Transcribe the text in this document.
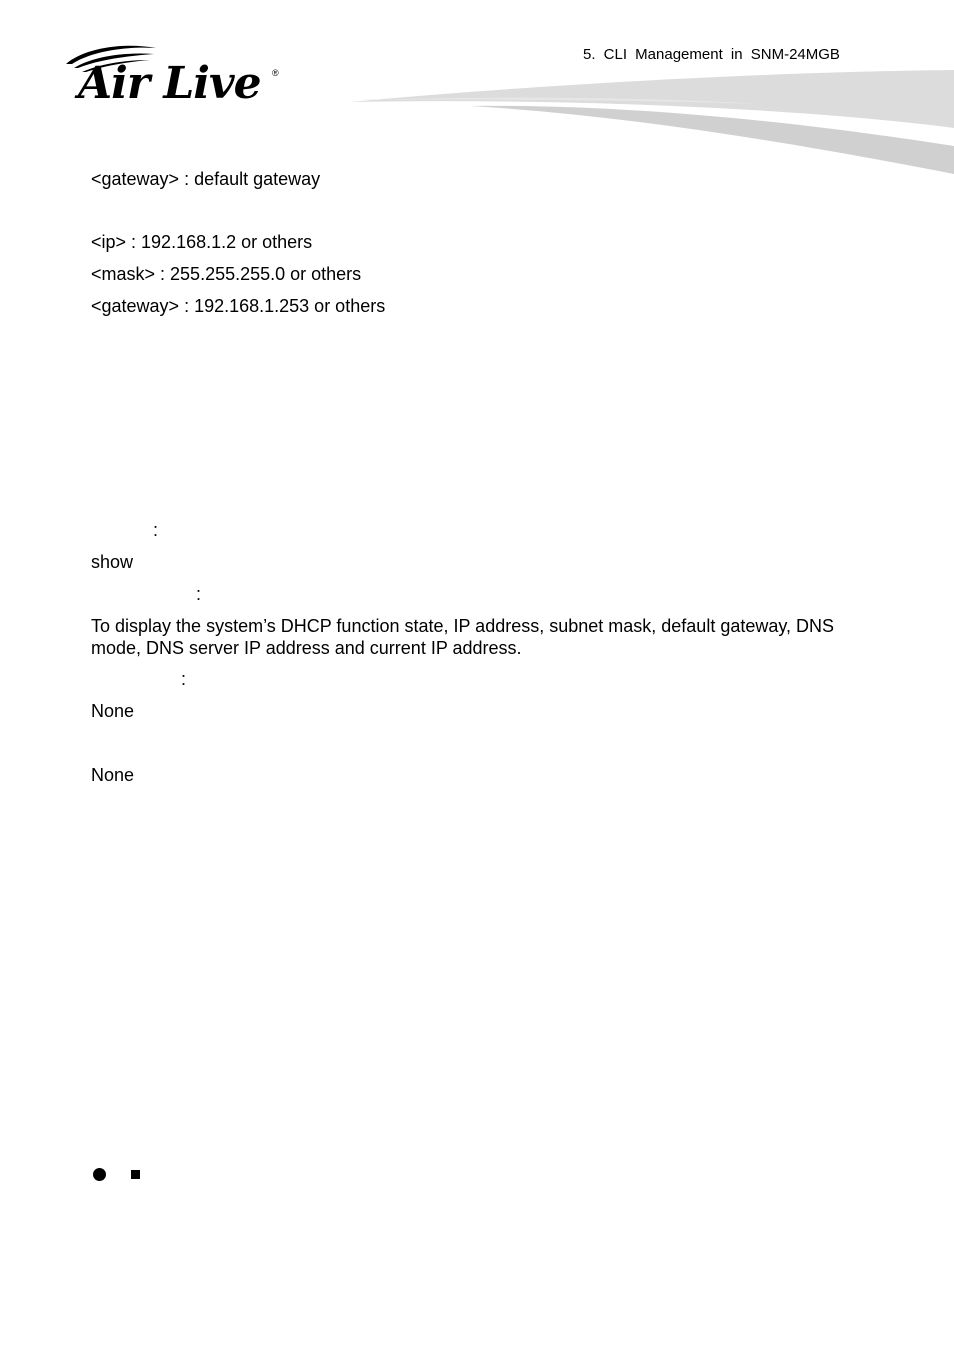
Air Live ®
5. CLI Management in SNM-24MGB
<gateway> : default gateway
<ip> : 192.168.1.2 or others
<mask> : 255.255.255.0 or others
<gateway> : 192.168.1.253 or others
:
show
:
To display the system’s DHCP function state, IP address, subnet mask, default gateway, DNS mode, DNS server IP address and current IP address.
:
None
None
